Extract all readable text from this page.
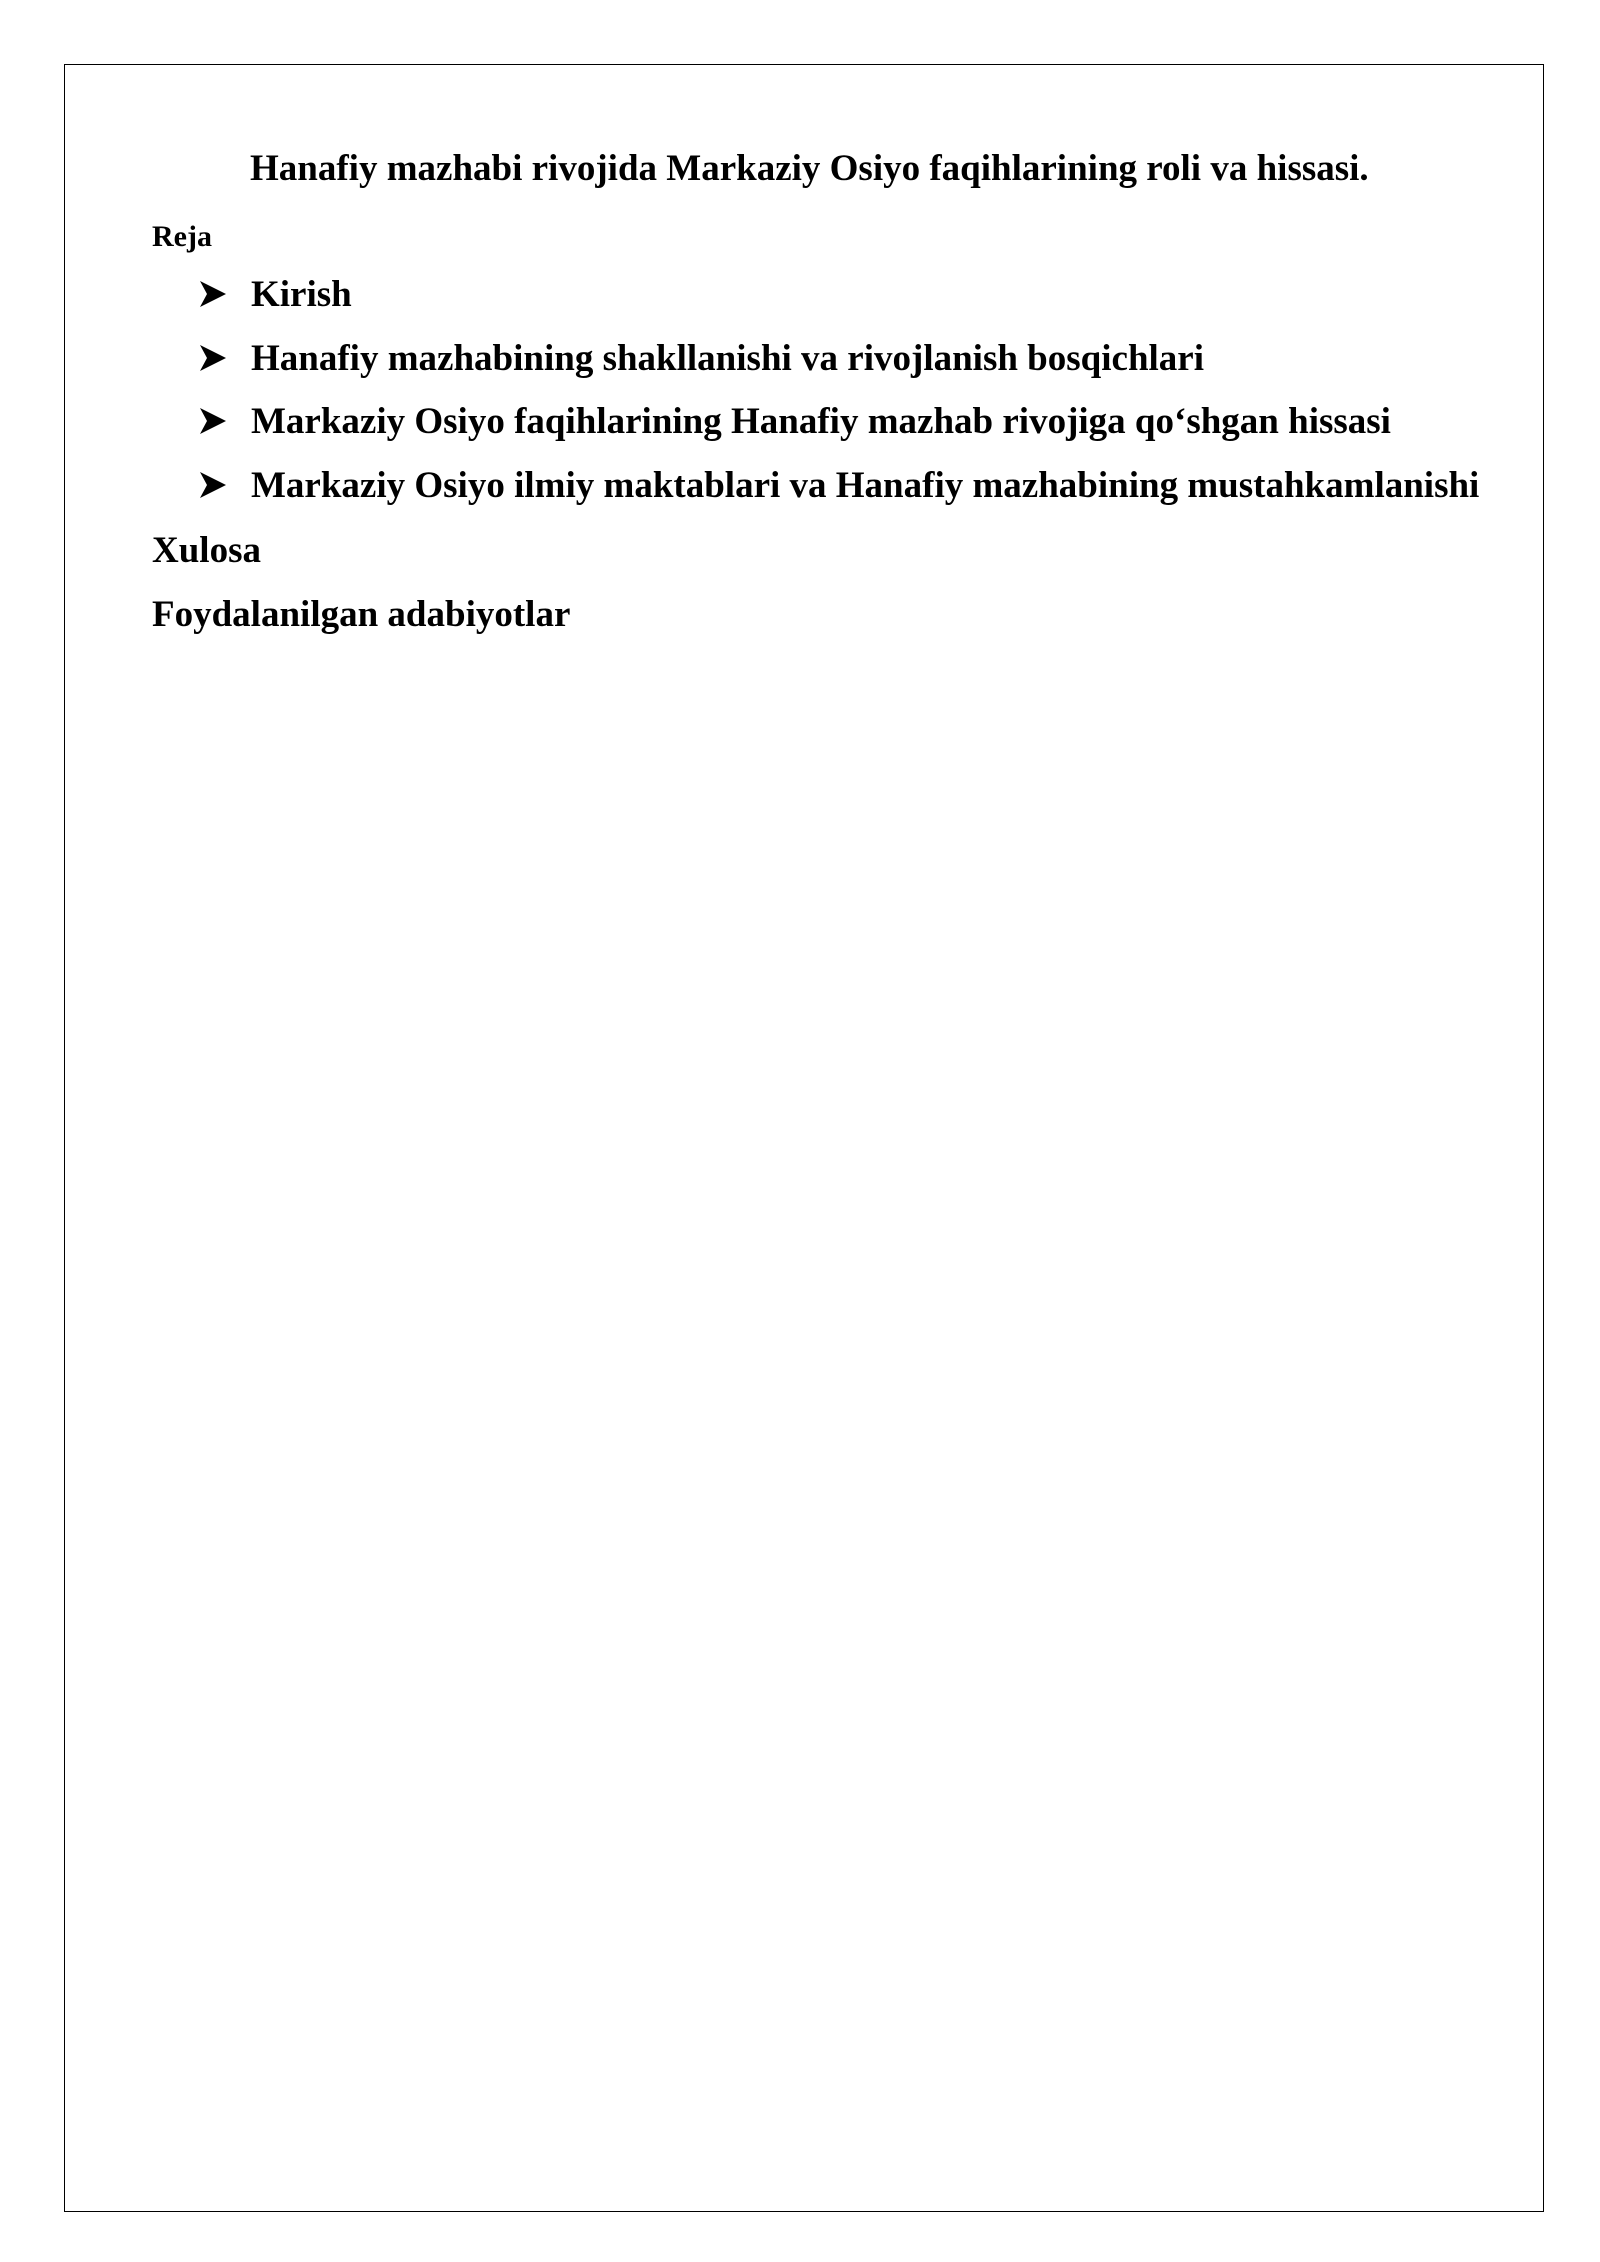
Hanafiy mazhabi rivojida Markaziy Osiyo faqihlarining roli va hissasi.
Reja
Kirish
Hanafiy mazhabining shakllanishi va rivojlanish bosqichlari
Markaziy Osiyo faqihlarining Hanafiy mazhab rivojiga qo‘shgan hissasi
Markaziy Osiyo ilmiy maktablari va Hanafiy mazhabining mustahkamlanishi
Xulosa
Foydalanilgan adabiyotlar
